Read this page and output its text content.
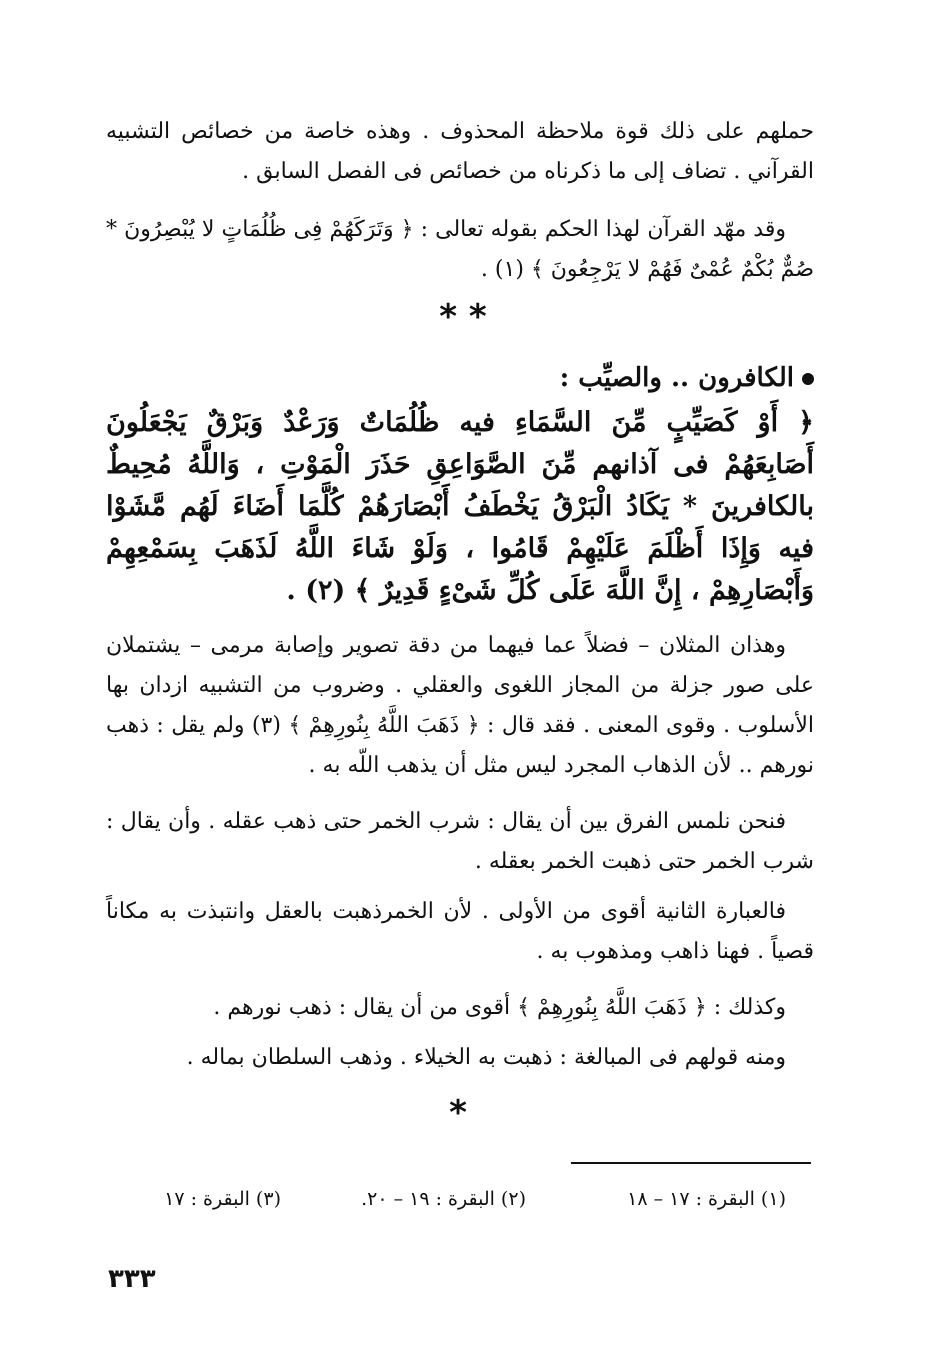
حملهم على ذلك قوة ملاحظة المحذوف . وهذه خاصة من خصائص التشبيه القرآني . تضاف إلى ما ذكرناه من خصائص فى الفصل السابق .

وقد مهّد القرآن لهذا الحكم بقوله تعالى : ﴿ وَتَرَكَهُمْ فِى ظُلُمَاتٍ لا يُبْصِرُونَ * صُمٌّ بُكْمٌ عُمْىٌ فَهُمْ لا يَرْجِعُونَ ﴾ (١) .

* *
الكافرون .. والصيِّب :

﴿ أَوْ كَصَيِّبٍ مِّنَ السَّمَاءِ فيه ظُلُمَاتٌ وَرَعْدٌ وَبَرْقٌ يَجْعَلُونَ أَصَابِعَهُمْ فى آذانهم مِّنَ الصَّوَاعِقِ حَذَرَ الْمَوْتِ ، وَاللَّهُ مُحِيطٌ بالكافرينَ * يَكَادُ الْبَرْقُ يَخْطَفُ أَبْصَارَهُمْ كُلَّمَا أَضَاءَ لَهُم مَّشَوْا فيه وَإِذَا أَظْلَمَ عَلَيْهِمْ قَامُوا ، وَلَوْ شَاءَ اللَّهُ لَذَهَبَ بِسَمْعِهِمْ وَأَبْصَارِهِمْ ، إِنَّ اللَّهَ عَلَى كُلِّ شَىْءٍ قَدِيرٌ ﴾ (٢) .

وهذان المثلان – فضلاً عما فيهما من دقة تصوير وإصابة مرمى – يشتملان على صور جزلة من المجاز اللغوى والعقلي . وضروب من التشبيه ازدان بها الأسلوب . وقوى المعنى . فقد قال : ﴿ ذَهَبَ اللَّهُ بِنُورِهِمْ ﴾ (٣) ولم يقل : ذهب نورهم .. لأن الذهاب المجرد ليس مثل أن يذهب اللّه به .

فنحن نلمس الفرق بين أن يقال : شرب الخمر حتى ذهب عقله . وأن يقال : شرب الخمر حتى ذهبت الخمر بعقله .

فالعبارة الثانية أقوى من الأولى . لأن الخمرذهبت بالعقل وانتبذت به مكاناً قصياً . فهنا ذاهب ومذهوب به .

وكذلك : ﴿ ذَهَبَ اللَّهُ بِنُورِهِمْ ﴾ أقوى من أن يقال : ذهب نورهم .

ومنه قولهم فى المبالغة : ذهبت به الخيلاء . وذهب السلطان بماله .

*
(١) البقرة : ١٧ – ١٨
(٢) البقرة : ١٩ – ٢٠.
(٣) البقرة : ١٧
٣٣٣
